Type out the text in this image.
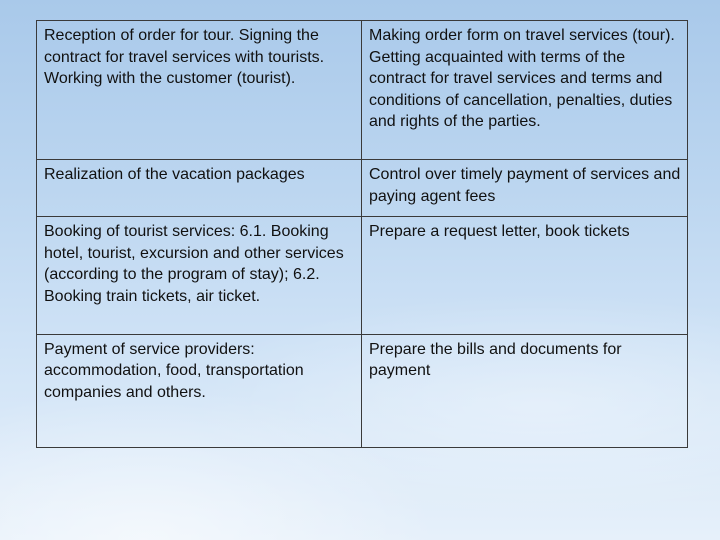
Reception of order for tour. Signing the contract for travel services with tourists. Working with the customer (tourist).	Making order form on travel services (tour). Getting acquainted with terms of the contract for travel services and terms and conditions of cancellation, penalties, duties and rights of the parties.
Realization of the vacation packages	Control over timely payment of services and paying agent fees
Booking of tourist services: 6.1. Booking  hotel, tourist, excursion and other services (according to the program of stay); 6.2. Booking train tickets, air ticket.	Prepare a request letter, book tickets
Payment of service providers: accommodation, food, transportation companies and others.	Prepare the bills and documents for payment
